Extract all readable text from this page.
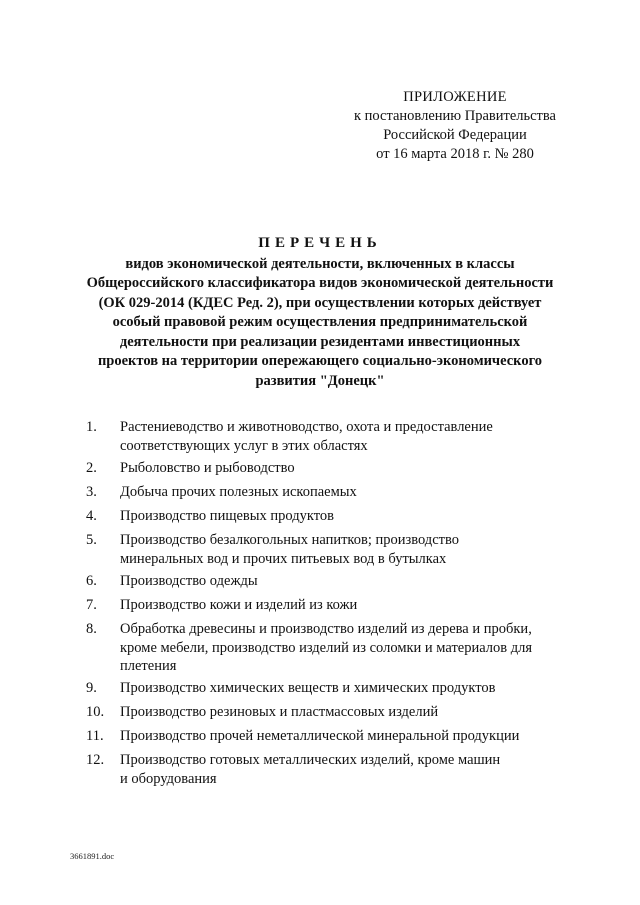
ПРИЛОЖЕНИЕ
к постановлению Правительства
Российской Федерации
от 16 марта 2018 г. № 280
ПЕРЕЧЕНЬ
видов экономической деятельности, включенных в классы
Общероссийского классификатора видов экономической деятельности
(ОК 029-2014 (КДЕС Ред. 2), при осуществлении которых действует
особый правовой режим осуществления предпринимательской
деятельности при реализации резидентами инвестиционных
проектов на территории опережающего социально-экономического
развития "Донецк"
1.	Растениеводство и животноводство, охота и предоставление
соответствующих услуг в этих областях
2.	Рыболовство и рыбоводство
3.	Добыча прочих полезных ископаемых
4.	Производство пищевых продуктов
5.	Производство безалкогольных напитков; производство
минеральных вод и прочих питьевых вод в бутылках
6.	Производство одежды
7.	Производство кожи и изделий из кожи
8.	Обработка древесины и производство изделий из дерева и пробки,
кроме мебели, производство изделий из соломки и материалов для
плетения
9.	Производство химических веществ и химических продуктов
10.	Производство резиновых и пластмассовых изделий
11.	Производство прочей неметаллической минеральной продукции
12.	Производство готовых металлических изделий, кроме машин
и оборудования
3661891.doc
